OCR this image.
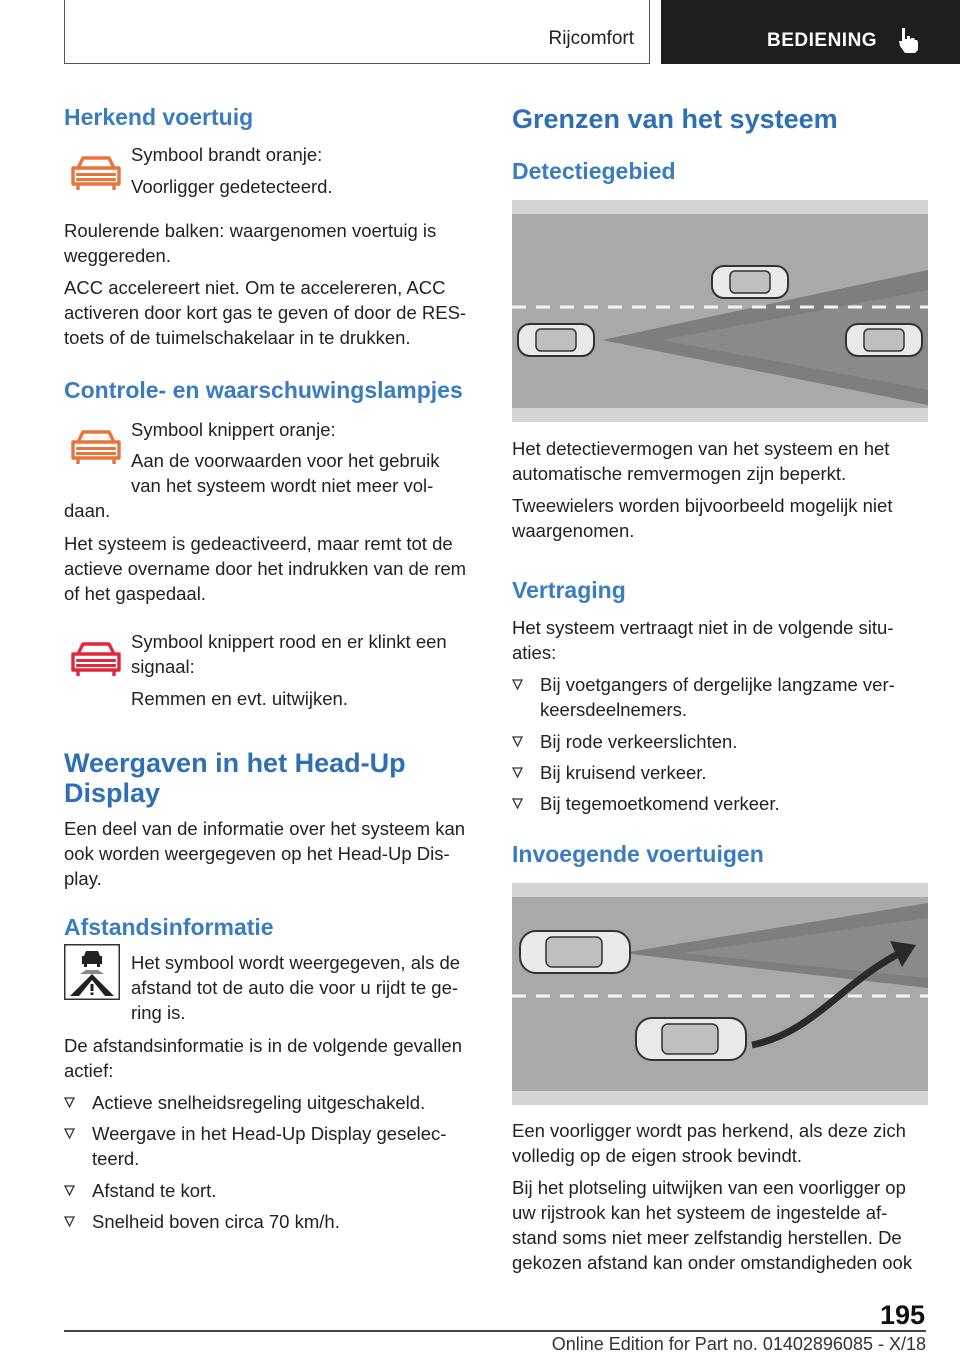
Rijcomfort	BEDIENING
Herkend voertuig

Symbool brandt oranje:

Voorligger gedetecteerd.

Roulerende balken: waargenomen voertuig is

weggereden.

ACC accelereert niet. Om te accelereren, ACC

activeren door kort gas te geven of door de RES-

toets of de tuimelschakelaar in te drukken.

Controle- en waarschuwingslampjes

Symbool knippert oranje:

Aan de voorwaarden voor het gebruik

van het systeem wordt niet meer vol-

daan.

Het systeem is gedeactiveerd, maar remt tot de

actieve overname door het indrukken van de rem

of het gaspedaal.

Symbool knippert rood en er klinkt een

signaal:

Remmen en evt. uitwijken.

Weergaven in het Head-Up
Display

Een deel van de informatie over het systeem kan

ook worden weergegeven op het Head-Up Dis-

play.

Afstandsinformatie

Het symbool wordt weergegeven, als de

afstand tot de auto die voor u rijdt te ge-

ring is.

De afstandsinformatie is in de volgende gevallen

actief:

Actieve snelheidsregeling uitgeschakeld.
Weergave in het Head-Up Display geselec-
teerd.
Afstand te kort.
Snelheid boven circa 70 km/h.
Grenzen van het systeem
Detectiegebied

Het detectievermogen van het systeem en het

automatische remvermogen zijn beperkt.

Tweewielers worden bijvoorbeeld mogelijk niet

waargenomen.

Vertraging

Het systeem vertraagt niet in de volgende situ-

aties:

Bij voetgangers of dergelijke langzame ver-
keersdeelnemers.
Bij rode verkeerslichten.
Bij kruisend verkeer.
Bij tegemoetkomend verkeer.
Invoegende voertuigen

Een voorligger wordt pas herkend, als deze zich

volledig op de eigen strook bevindt.

Bij het plotseling uitwijken van een voorligger op

uw rijstrook kan het systeem de ingestelde af-

stand soms niet meer zelfstandig herstellen. De

gekozen afstand kan onder omstandigheden ook

195
Online Edition for Part no. 01402896085 - X/18
